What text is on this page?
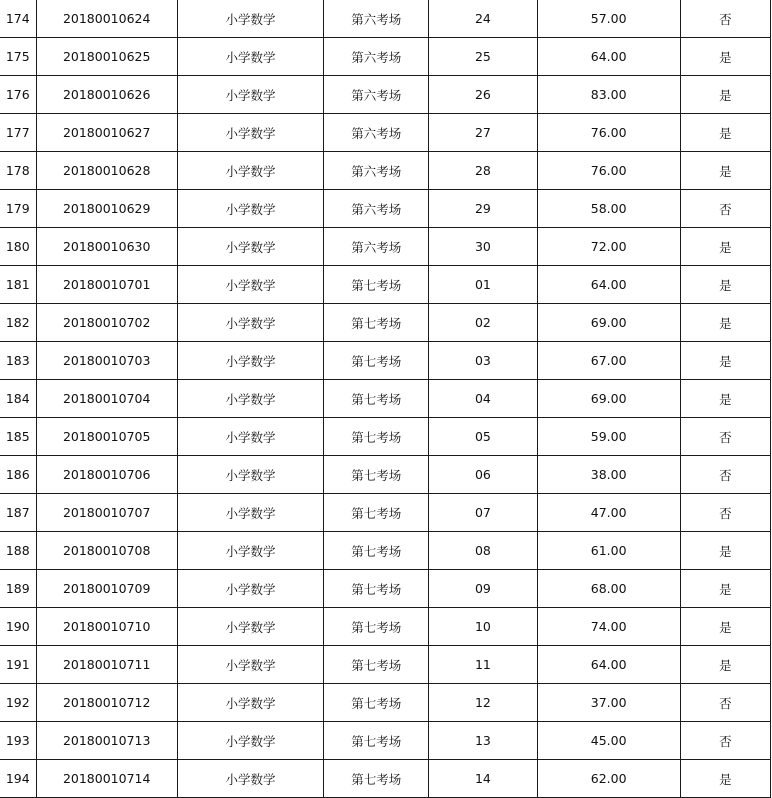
174	20180010624	小学数学	第六考场	24	57.00	否
175	20180010625	小学数学	第六考场	25	64.00	是
176	20180010626	小学数学	第六考场	26	83.00	是
177	20180010627	小学数学	第六考场	27	76.00	是
178	20180010628	小学数学	第六考场	28	76.00	是
179	20180010629	小学数学	第六考场	29	58.00	否
180	20180010630	小学数学	第六考场	30	72.00	是
181	20180010701	小学数学	第七考场	01	64.00	是
182	20180010702	小学数学	第七考场	02	69.00	是
183	20180010703	小学数学	第七考场	03	67.00	是
184	20180010704	小学数学	第七考场	04	69.00	是
185	20180010705	小学数学	第七考场	05	59.00	否
186	20180010706	小学数学	第七考场	06	38.00	否
187	20180010707	小学数学	第七考场	07	47.00	否
188	20180010708	小学数学	第七考场	08	61.00	是
189	20180010709	小学数学	第七考场	09	68.00	是
190	20180010710	小学数学	第七考场	10	74.00	是
191	20180010711	小学数学	第七考场	11	64.00	是
192	20180010712	小学数学	第七考场	12	37.00	否
193	20180010713	小学数学	第七考场	13	45.00	否
194	20180010714	小学数学	第七考场	14	62.00	是
